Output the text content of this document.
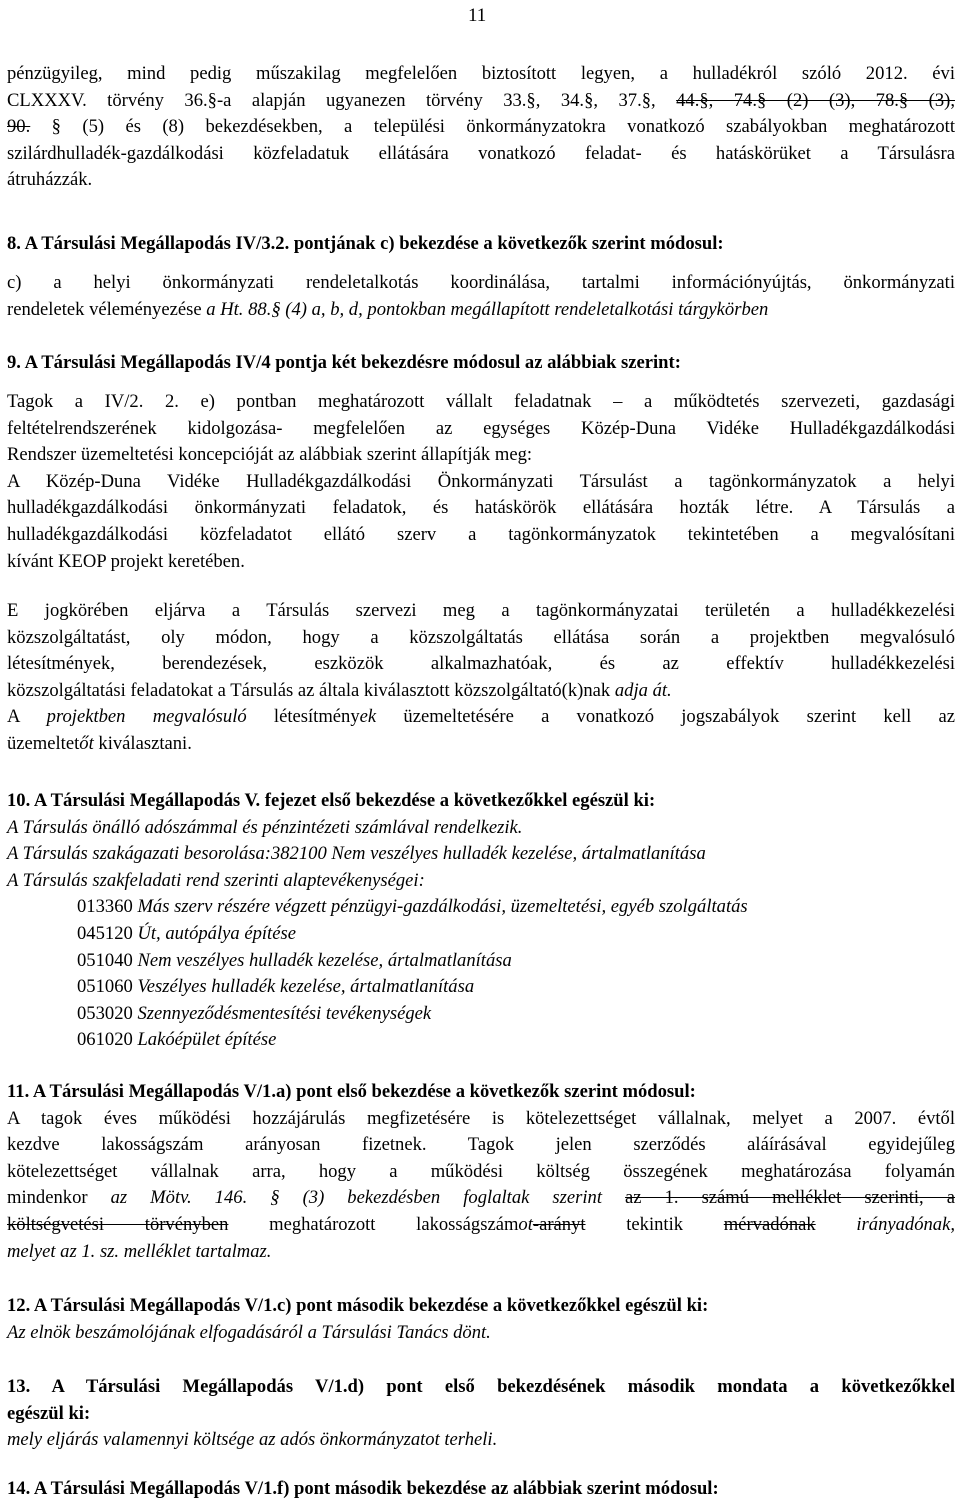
11
pénzügyileg, mind pedig műszakilag megfelelően biztosított legyen, a hulladékról szóló 2012. évi
CLXXXV. törvény 36.§-a alapján ugyanezen törvény 33.§, 34.§, 37.§, 44.§, 74.§ (2) (3), 78.§ (3),
90. § (5) és (8) bekezdésekben, a települési önkormányzatokra vonatkozó szabályokban meghatározott
szilárdhulladék-gazdálkodási közfeladatuk ellátására vonatkozó feladat- és hatáskörüket a Társulásra
átruházzák.
8. A Társulási Megállapodás IV/3.2. pontjának c) bekezdése a következők szerint módosul:
c) a helyi önkormányzati rendeletalkotás koordinálása, tartalmi információnyújtás, önkormányzati
rendeletek véleményezése a Ht. 88.§ (4) a, b, d, pontokban megállapított rendeletalkotási tárgykörben
9. A Társulási Megállapodás IV/4 pontja két bekezdésre módosul az alábbiak szerint:
Tagok a IV/2. 2. e) pontban meghatározott vállalt feladatnak – a működtetés szervezeti, gazdasági
feltételrendszerének kidolgozása- megfelelően az egységes Közép-Duna Vidéke Hulladékgazdálkodási
Rendszer üzemeltetési koncepcióját az alábbiak szerint állapítják meg:
A Közép-Duna Vidéke Hulladékgazdálkodási Önkormányzati Társulást a tagönkormányzatok a helyi
hulladékgazdálkodási önkormányzati feladatok, és hatáskörök ellátására hozták létre. A Társulás a
hulladékgazdálkodási közfeladatot ellátó szerv a tagönkormányzatok tekintetében a megvalósítani
kívánt KEOP projekt keretében.
E jogkörében eljárva a Társulás szervezi meg a tagönkormányzatai területén a hulladékkezelési
közszolgáltatást, oly módon, hogy a közszolgáltatás ellátása során a projektben megvalósuló
létesítmények, berendezések, eszközök alkalmazhatóak, és az effektív hulladékkezelési
közszolgáltatási feladatokat a Társulás az általa kiválasztott közszolgáltató(k)nak adja át.
A projektben megvalósuló létesítmények üzemeltetésére a vonatkozó jogszabályok szerint kell az
üzemeltetőt kiválasztani.
10. A Társulási Megállapodás V. fejezet első bekezdése a következőkkel egészül ki:
A Társulás önálló adószámmal és pénzintézeti számlával rendelkezik.
A Társulás szakágazati besorolása:382100 Nem veszélyes hulladék kezelése, ártalmatlanítása
A Társulás szakfeladati rend szerinti alaptevékenységei:
013360 Más szerv részére végzett pénzügyi-gazdálkodási, üzemeltetési, egyéb szolgáltatás
045120 Út, autópálya építése
051040 Nem veszélyes hulladék kezelése, ártalmatlanítása
051060 Veszélyes hulladék kezelése, ártalmatlanítása
053020 Szennyeződésmentesítési tevékenységek
061020 Lakóépület építése
11. A Társulási Megállapodás V/1.a) pont első bekezdése a következők szerint módosul:
A tagok éves működési hozzájárulás megfizetésére is kötelezettséget vállalnak, melyet a 2007. évtől
kezdve lakosságszám arányosan fizetnek. Tagok jelen szerződés aláírásával egyidejűleg
kötelezettséget vállalnak arra, hogy a működési költség összegének meghatározása folyamán
mindenkor az Mötv. 146. § (3) bekezdésben foglaltak szerint az 1. számú melléklet szerinti, a
költségvetési törvényben meghatározott lakosságszámot-arányt tekintik mérvadónak irányadónak,
melyet az 1. sz. melléklet tartalmaz.
12. A Társulási Megállapodás V/1.c) pont második bekezdése a következőkkel egészül ki:
Az elnök beszámolójának elfogadásáról a Társulási Tanács dönt.
13. A Társulási Megállapodás V/1.d) pont első bekezdésének második mondata a következőkkel
egészül ki:
mely eljárás valamennyi költsége az adós önkormányzatot terheli.
14. A Társulási Megállapodás V/1.f) pont második bekezdése az alábbiak szerint módosul:
